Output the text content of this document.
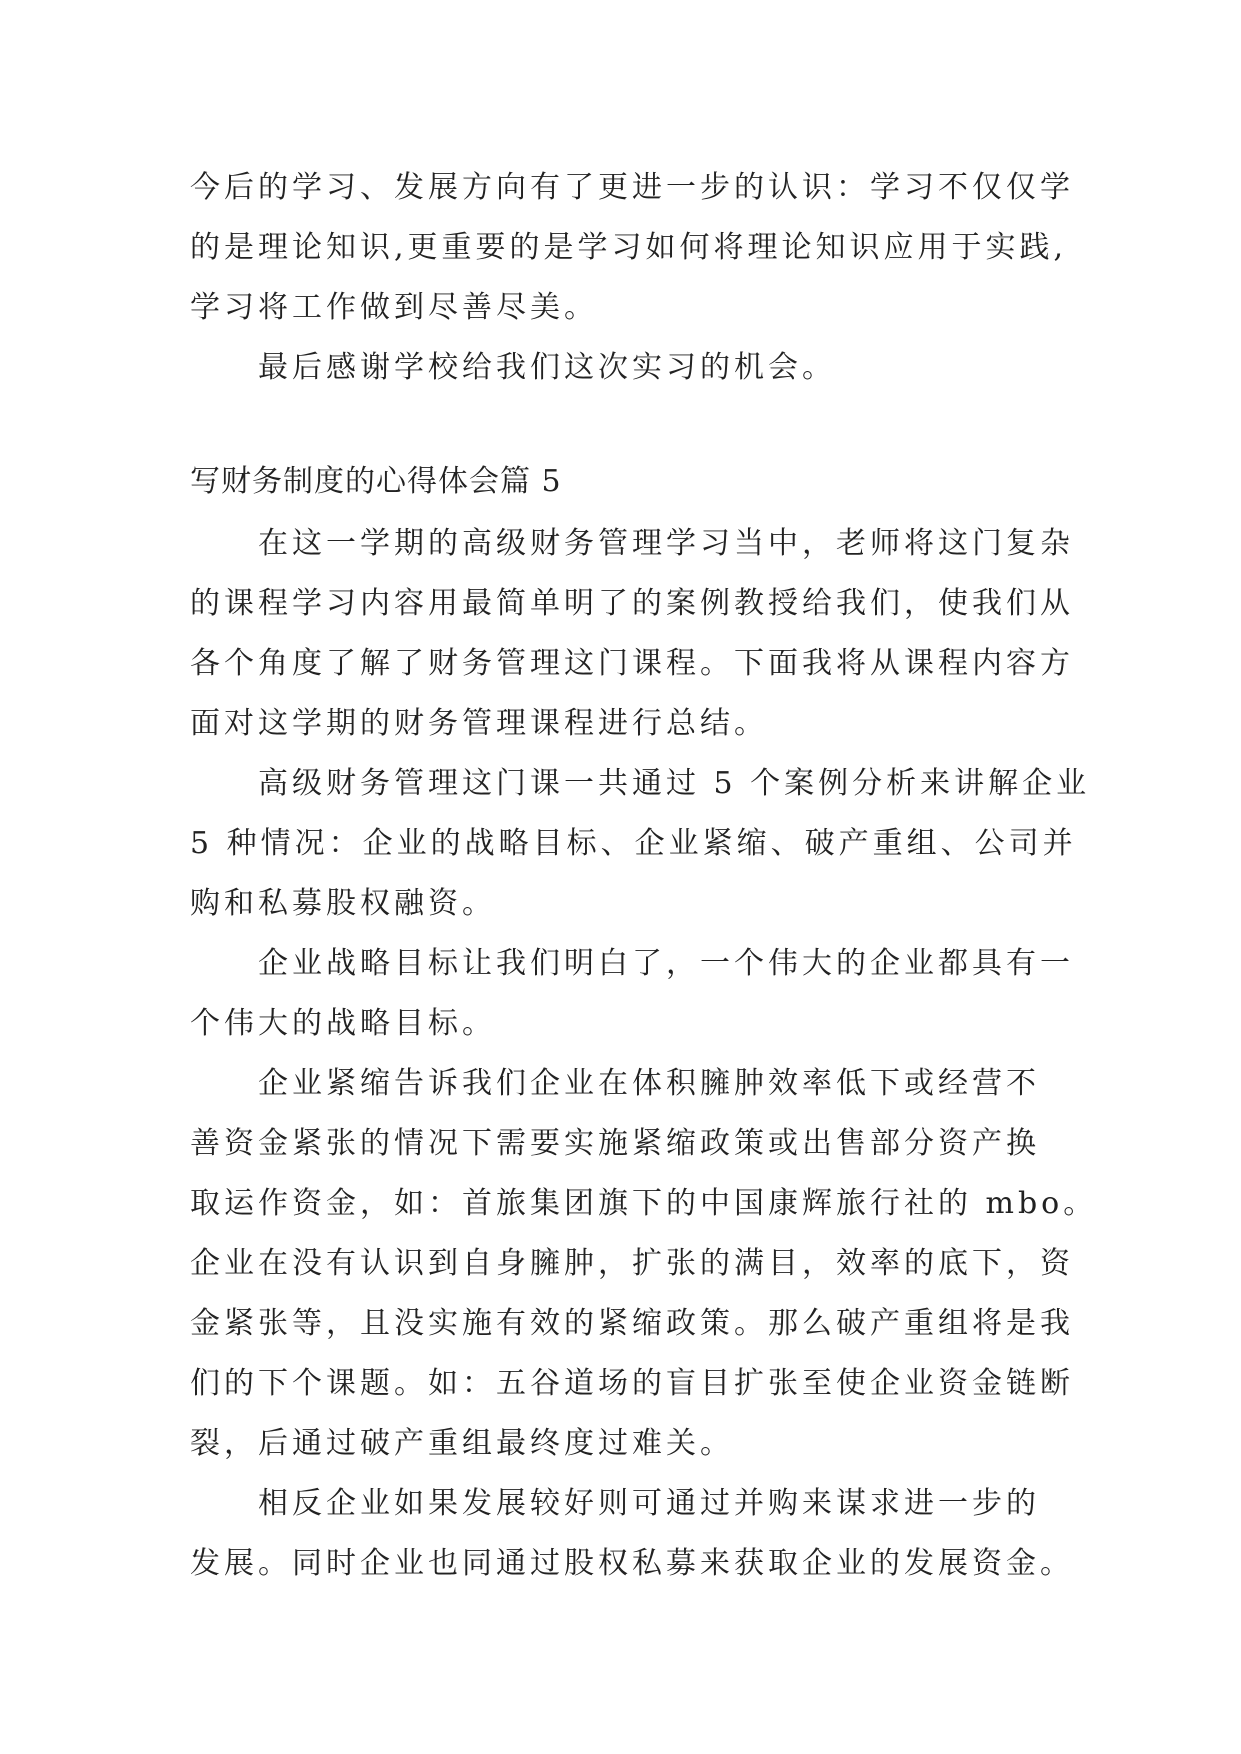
今后的学习、发展方向有了更进一步的认识：学习不仅仅学
的是理论知识,更重要的是学习如何将理论知识应用于实践,
学习将工作做到尽善尽美。
最后感谢学校给我们这次实习的机会。
写财务制度的心得体会篇 5
在这一学期的高级财务管理学习当中，老师将这门复杂
的课程学习内容用最简单明了的案例教授给我们，使我们从
各个角度了解了财务管理这门课程。下面我将从课程内容方
面对这学期的财务管理课程进行总结。
高级财务管理这门课一共通过 5 个案例分析来讲解企业
5 种情况：企业的战略目标、企业紧缩、破产重组、公司并
购和私募股权融资。
企业战略目标让我们明白了，一个伟大的企业都具有一
个伟大的战略目标。
企业紧缩告诉我们企业在体积臃肿效率低下或经营不
善资金紧张的情况下需要实施紧缩政策或出售部分资产换
取运作资金，如：首旅集团旗下的中国康辉旅行社的 mbo。
企业在没有认识到自身臃肿，扩张的满目，效率的底下，资
金紧张等，且没实施有效的紧缩政策。那么破产重组将是我
们的下个课题。如：五谷道场的盲目扩张至使企业资金链断
裂，后通过破产重组最终度过难关。
相反企业如果发展较好则可通过并购来谋求进一步的
发展。同时企业也同通过股权私募来获取企业的发展资金。
